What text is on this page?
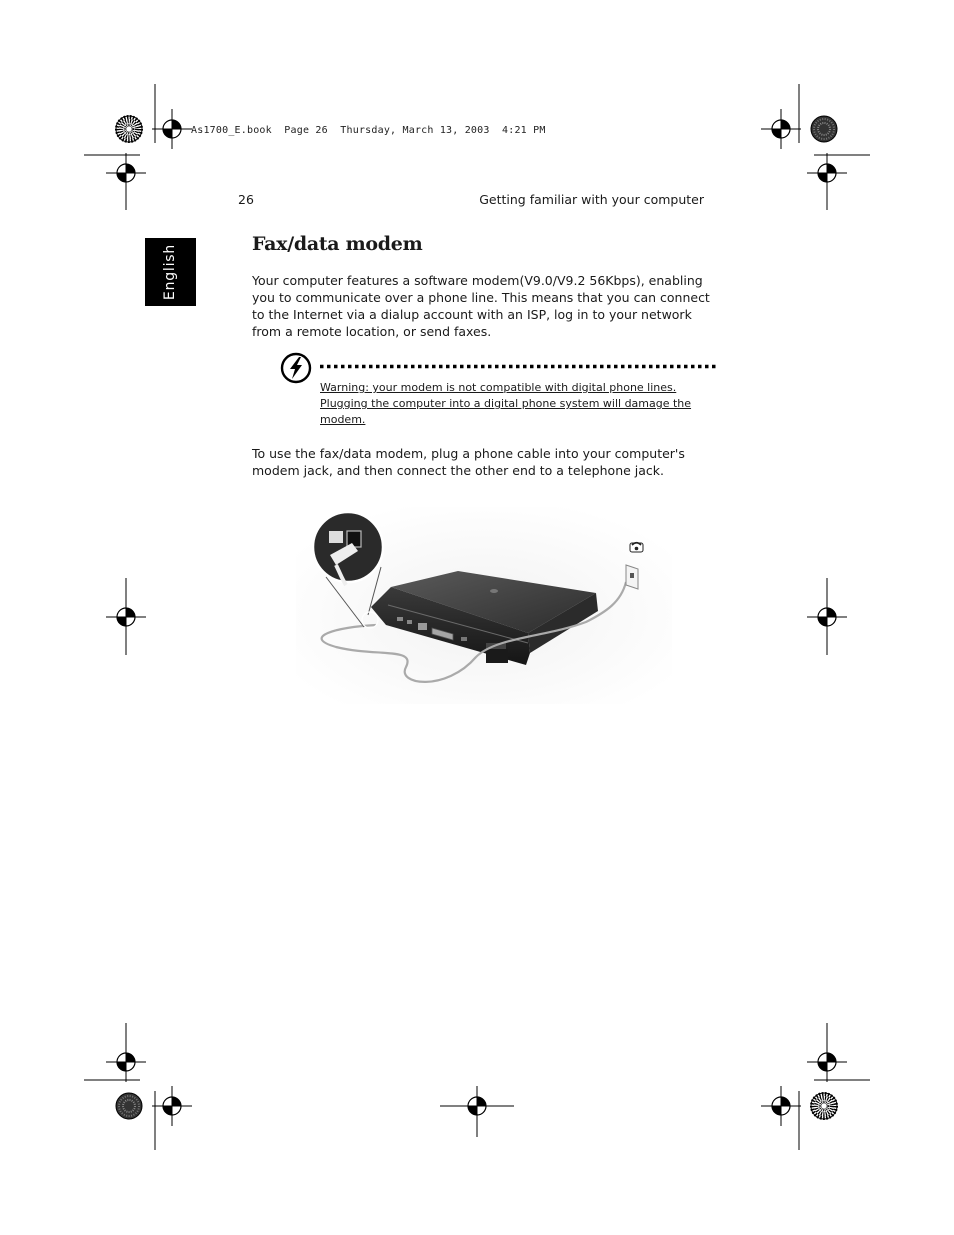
As1700_E.book  Page 26  Thursday, March 13, 2003  4:21 PM
26	Getting familiar with your computer
English	Fax/data modem
Your computer features a software modem(V9.0/V9.2 56Kbps), enabling you to communicate over a phone line. This means that you can connect to the Internet via a dialup account with an ISP, log in to your network from a remote location, or send faxes.
Warning: your modem is not compatible with digital phone lines. Plugging the computer into a digital phone system will damage the modem.
To use the fax/data modem, plug a phone cable into your computer's modem jack, and then connect the other end to a telephone jack.
